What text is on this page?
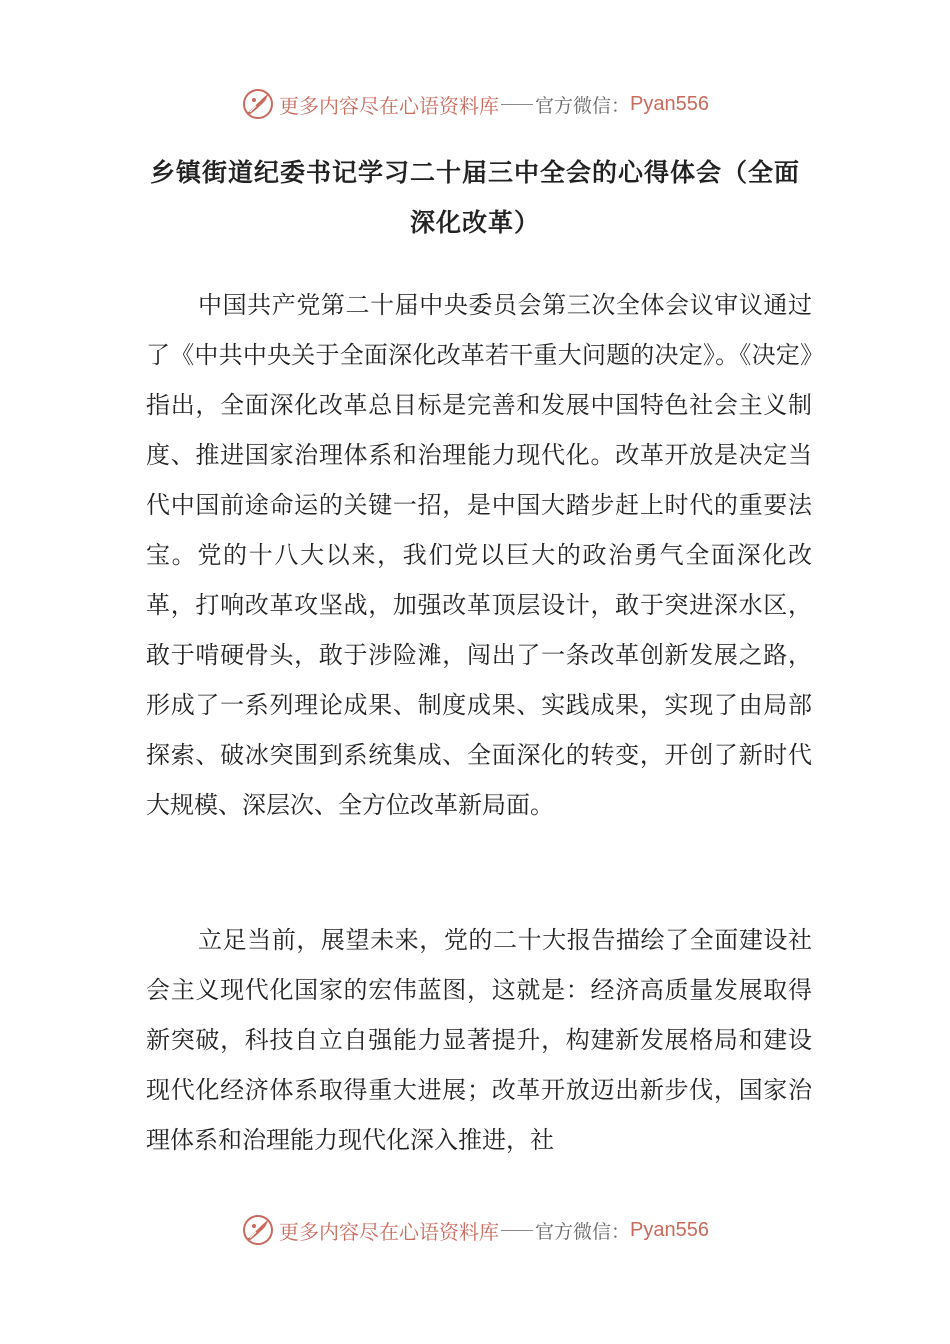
更多内容尽在心语资料库 官方微信： Pyan556
乡镇街道纪委书记学习二十届三中全会的心得体会（全面
深化改革）

中国共产党第二十届中央委员会第三次全体会议审议通过了《中共中央关于全面深化改革若干重大问题的决定》。《决定》指出，全面深化改革总目标是完善和发展中国特色社会主义制度、推进国家治理体系和治理能力现代化。改革开放是决定当代中国前途命运的关键一招，是中国大踏步赶上时代的重要法宝。党的十八大以来，我们党以巨大的政治勇气全面深化改革，打响改革攻坚战，加强改革顶层设计，敢于突进深水区，敢于啃硬骨头，敢于涉险滩，闯出了一条改革创新发展之路，形成了一系列理论成果、制度成果、实践成果，实现了由局部探索、破冰突围到系统集成、全面深化的转变，开创了新时代大规模、深层次、全方位改革新局面。

立足当前，展望未来，党的二十大报告描绘了全面建设社会主义现代化国家的宏伟蓝图，这就是：经济高质量发展取得新突破，科技自立自强能力显著提升，构建新发展格局和建设现代化经济体系取得重大进展；改革开放迈出新步伐，国家治理体系和治理能力现代化深入推进，社

更多内容尽在心语资料库 官方微信： Pyan556
